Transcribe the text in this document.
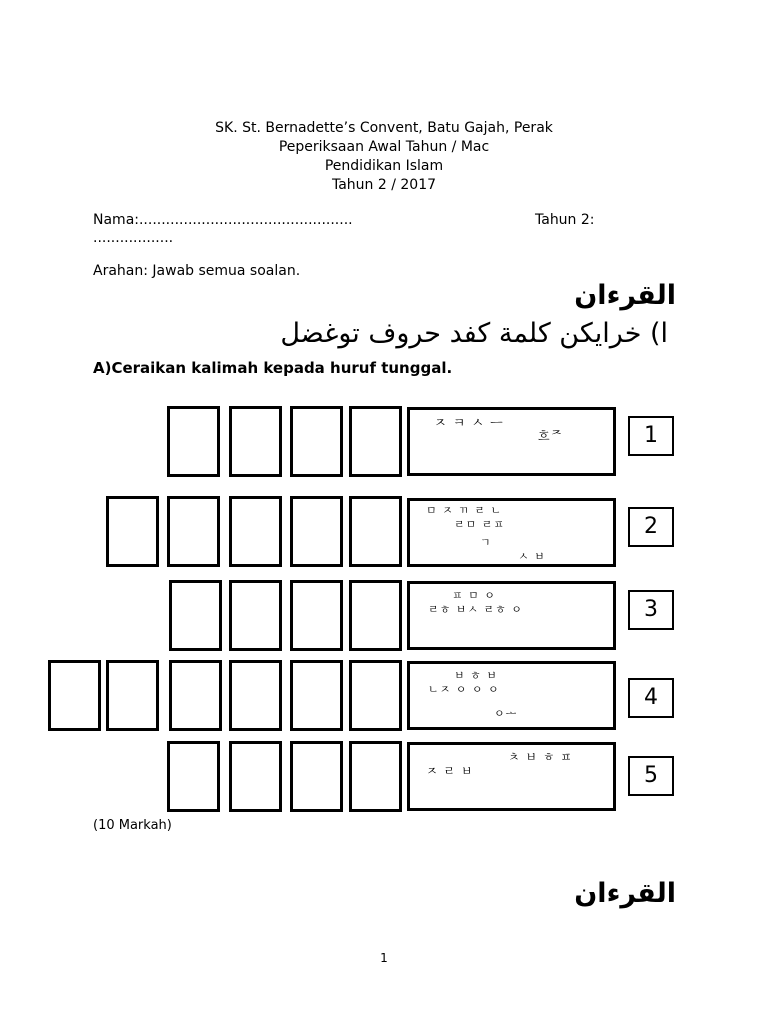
SK. St. Bernadette’s Convent, Batu Gajah, Perak
Peperiksaan Awal Tahun / Mac
Pendidikan Islam
Tahun 2 / 2017
Nama:................................................	Tahun 2:
..................
Arahan: Jawab semua soalan.
القرءان
ا) خرايكن كلمة كفد حروف توغضل
A)Ceraikan kalimah kepada huruf tunggal.
ㅈ ㅋ ㅅ ᅳ
흐ᄌ	1
ㅁ ㅈ ㄲ ㄹ ㄴ
ㄹㅁ ㄹㅍ
ㄱ
ㅅ ㅂ
2
ㅍ ㅁ ㅇ
ㄹㅎ ㅂㅅ ㄹㅎ ㅇ	3
ㅂ ㅎ ㅂ
ㄴㅈ ㅇ ㅇ ㅇ
ㅇᅩ
4
ㅊ ㅂ ㅎ ㅍ
ㅈ ㄹ ㅂ	5
(10 Markah)
القرءان
1
